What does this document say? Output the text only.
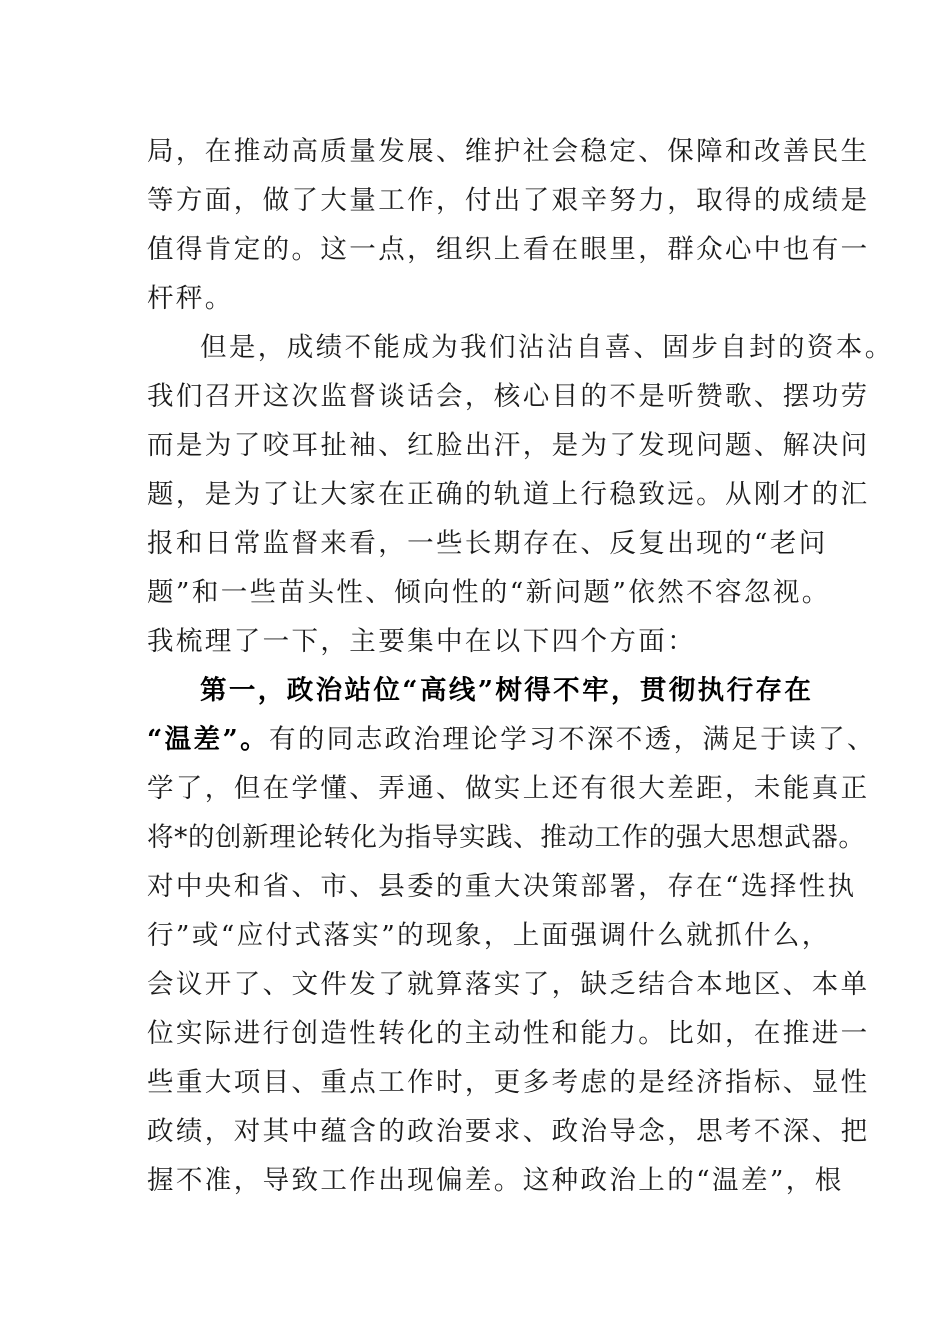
局，在推动高质量发展、维护社会稳定、保障和改善民生
等方面，做了大量工作，付出了艰辛努力，取得的成绩是
值得肯定的。这一点，组织上看在眼里，群众心中也有一
杆秤。
但是，成绩不能成为我们沾沾自喜、固步自封的资本。
我们召开这次监督谈话会，核心目的不是听赞歌、摆功劳
而是为了咬耳扯袖、红脸出汗，是为了发现问题、解决问
题，是为了让大家在正确的轨道上行稳致远。从刚才的汇
报和日常监督来看，一些长期存在、反复出现的“老问
题”和一些苗头性、倾向性的“新问题”依然不容忽视。
我梳理了一下，主要集中在以下四个方面：
第一，政治站位“高线”树得不牢，贯彻执行存在
“温差”。有的同志政治理论学习不深不透，满足于读了、
学了，但在学懂、弄通、做实上还有很大差距，未能真正
将*的创新理论转化为指导实践、推动工作的强大思想武器。
对中央和省、市、县委的重大决策部署，存在“选择性执
行”或“应付式落实”的现象，上面强调什么就抓什么，
会议开了、文件发了就算落实了，缺乏结合本地区、本单
位实际进行创造性转化的主动性和能力。比如，在推进一
些重大项目、重点工作时，更多考虑的是经济指标、显性
政绩，对其中蕴含的政治要求、政治导念，思考不深、把
握不准，导致工作出现偏差。这种政治上的“温差”，根
